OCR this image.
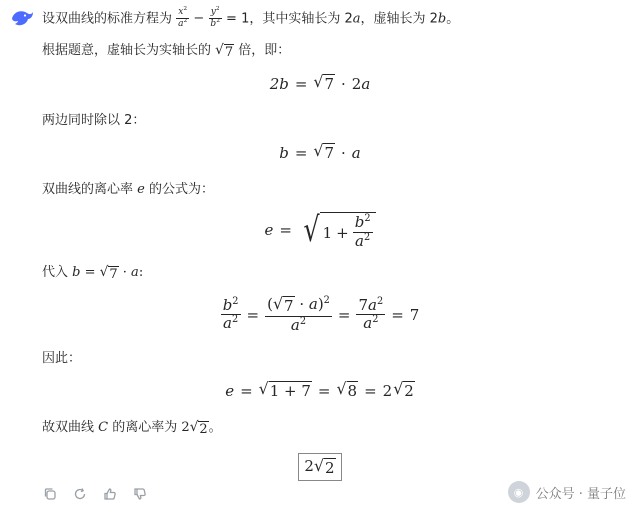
设双曲线的标准方程为 $\frac{x^2}{a^2} - \frac{y^2}{b^2} = 1$，其中实轴长为 2a，虚轴长为 2b。
根据题意，虚轴长为实轴长的 √ 7 倍，即：
2b = √ 7 · 2 a
两边同时除以 2：
b = √ 7 · a
双曲线的离心率 e 的公式为：
e = √ $1 + \frac{b^2}{a^2}$
代入 b = √ 7 · a:
$\frac{b^2}{a^2} = \frac{( √ 7 \cdot a)^2}{a^2} = \frac{7a^2}{a^2} = 7$
因此：
e = √ 1 + 7 = √ 8 = 2 √ 2
故双曲线 C 的离心率为 2 √ 2 。
2 √ 2
◉ 公众号 · 量子位
